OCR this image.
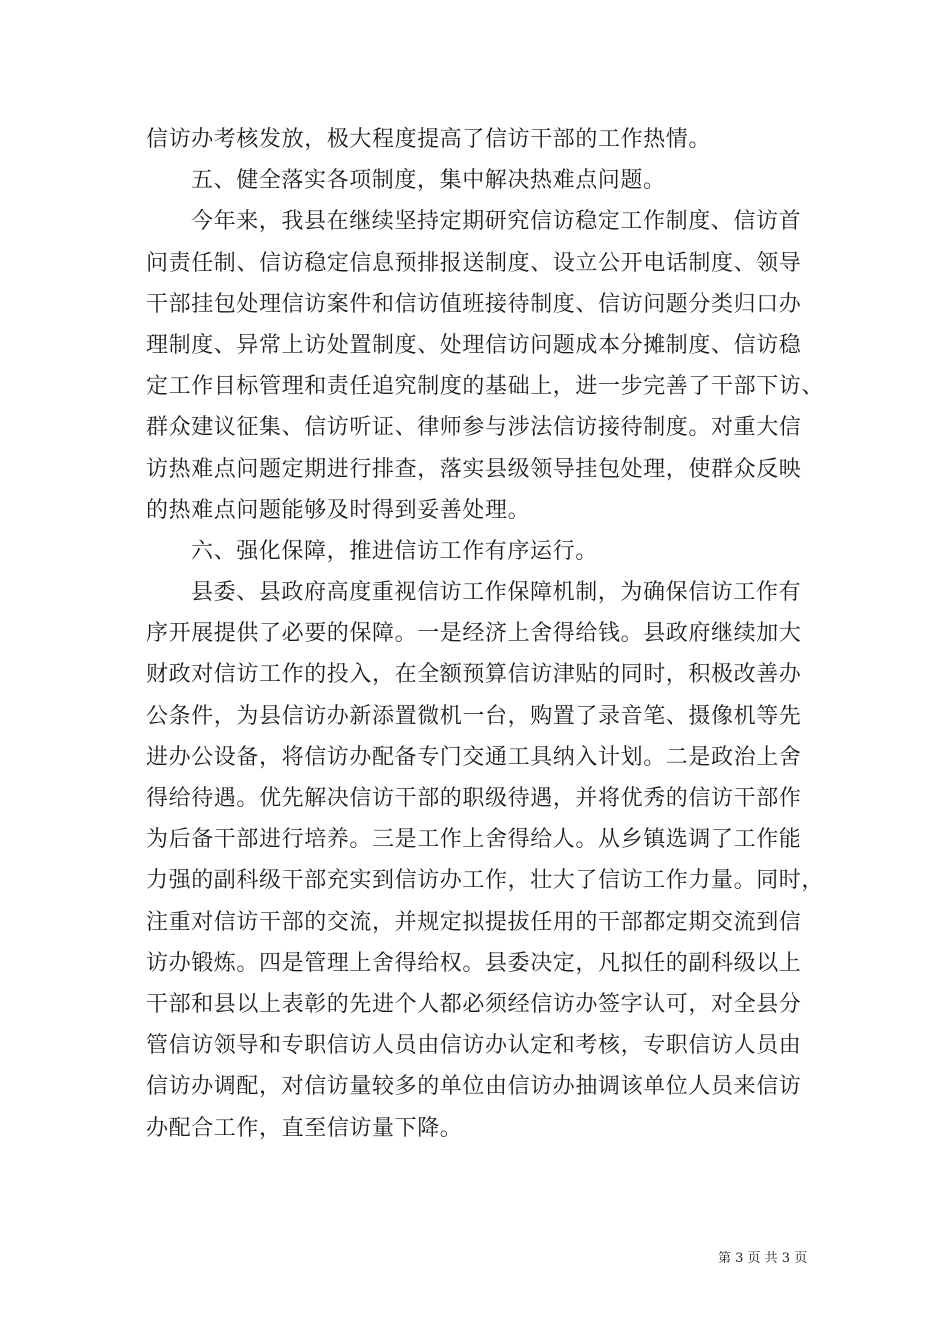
信访办考核发放，极大程度提高了信访干部的工作热情。
五、健全落实各项制度，集中解决热难点问题。
今年来，我县在继续坚持定期研究信访稳定工作制度、信访首
问责任制、信访稳定信息预排报送制度、设立公开电话制度、领导
干部挂包处理信访案件和信访值班接待制度、信访问题分类归口办
理制度、异常上访处置制度、处理信访问题成本分摊制度、信访稳
定工作目标管理和责任追究制度的基础上，进一步完善了干部下访、
群众建议征集、信访听证、律师参与涉法信访接待制度。对重大信
访热难点问题定期进行排查，落实县级领导挂包处理，使群众反映
的热难点问题能够及时得到妥善处理。
六、强化保障，推进信访工作有序运行。
县委、县政府高度重视信访工作保障机制，为确保信访工作有
序开展提供了必要的保障。一是经济上舍得给钱。县政府继续加大
财政对信访工作的投入，在全额预算信访津贴的同时，积极改善办
公条件，为县信访办新添置微机一台，购置了录音笔、摄像机等先
进办公设备，将信访办配备专门交通工具纳入计划。二是政治上舍
得给待遇。优先解决信访干部的职级待遇，并将优秀的信访干部作
为后备干部进行培养。三是工作上舍得给人。从乡镇选调了工作能
力强的副科级干部充实到信访办工作，壮大了信访工作力量。同时，
注重对信访干部的交流，并规定拟提拔任用的干部都定期交流到信
访办锻炼。四是管理上舍得给权。县委决定，凡拟任的副科级以上
干部和县以上表彰的先进个人都必须经信访办签字认可，对全县分
管信访领导和专职信访人员由信访办认定和考核，专职信访人员由
信访办调配，对信访量较多的单位由信访办抽调该单位人员来信访
办配合工作，直至信访量下降。
第 3 页 共 3 页
